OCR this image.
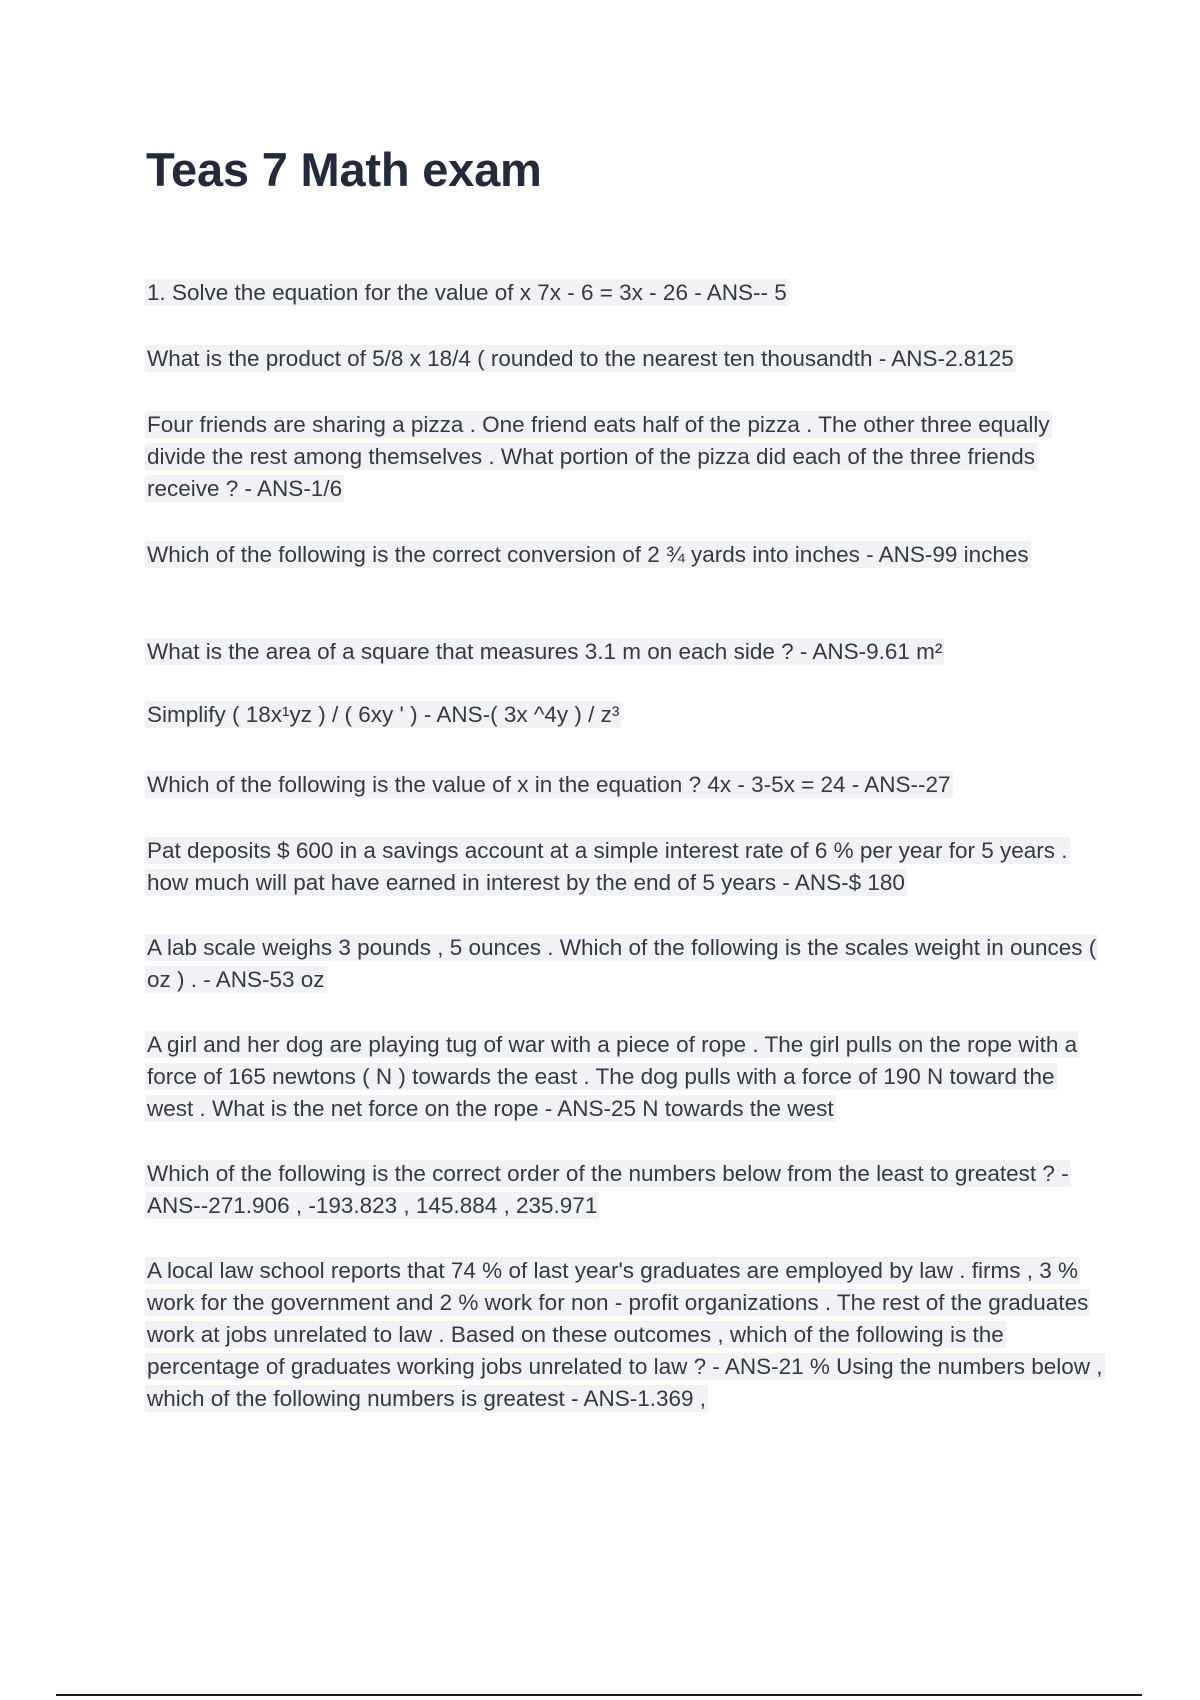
Teas 7 Math exam

1. Solve the equation for the value of x 7x - 6 = 3x - 26 - ANS-- 5

What is the product of 5/8 x 18/4 ( rounded to the nearest ten thousandth - ANS-2.8125

Four friends are sharing a pizza . One friend eats half of the pizza . The other three equally divide the rest among themselves . What portion of the pizza did each of the three friends receive ? - ANS-1/6

Which of the following is the correct conversion of 2 ¾ yards into inches - ANS-99 inches

What is the area of a square that measures 3.1 m on each side ? - ANS-9.61 m²

Simplify ( 18x¹yz ) / ( 6xy ' ) - ANS-( 3x ^4y ) / z³

Which of the following is the value of x in the equation ? 4x - 3-5x = 24 - ANS--27

Pat deposits $ 600 in a savings account at a simple interest rate of 6 % per year for 5 years . how much will pat have earned in interest by the end of 5 years - ANS-$ 180

A lab scale weighs 3 pounds , 5 ounces . Which of the following is the scales weight in ounces ( oz ) . - ANS-53 oz

A girl and her dog are playing tug of war with a piece of rope . The girl pulls on the rope with a force of 165 newtons ( N ) towards the east . The dog pulls with a force of 190 N toward the west . What is the net force on the rope - ANS-25 N towards the west

Which of the following is the correct order of the numbers below from the least to greatest ? - ANS--271.906 , -193.823 , 145.884 , 235.971

A local law school reports that 74 % of last year's graduates are employed by law . firms , 3 % work for the government and 2 % work for non - profit organizations . The rest of the graduates work at jobs unrelated to law . Based on these outcomes , which of the following is the percentage of graduates working jobs unrelated to law ? - ANS-21 % Using the numbers below , which of the following numbers is greatest - ANS-1.369 ,
